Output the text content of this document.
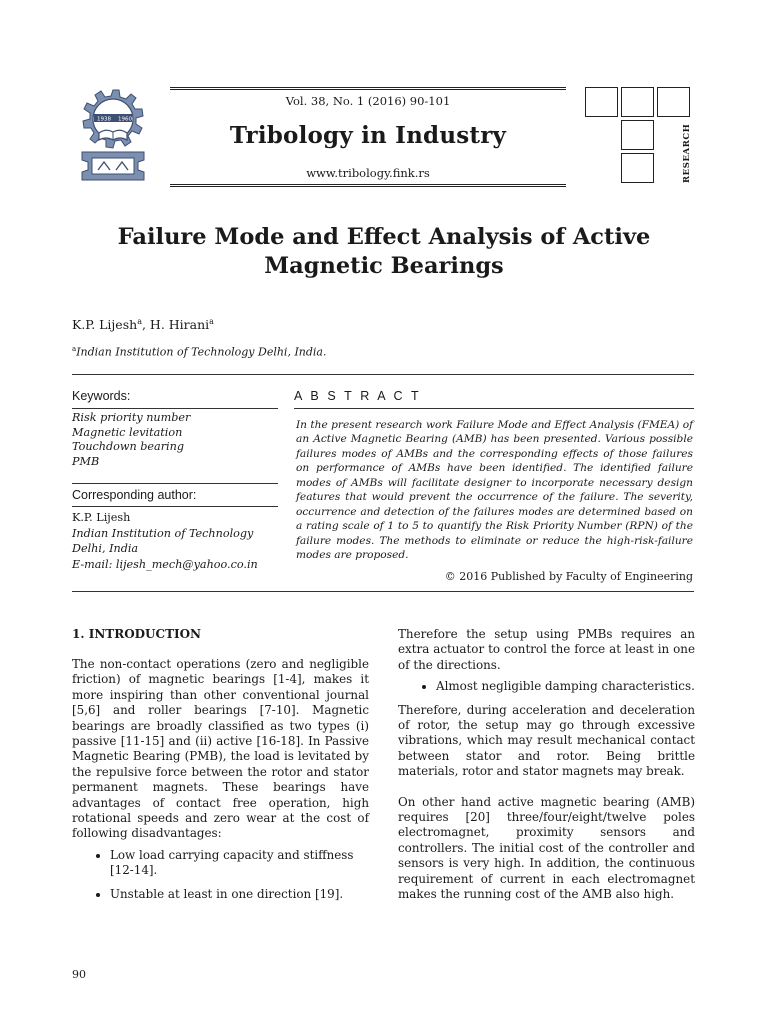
1938 1960
Vol. 38, No. 1 (2016) 90-101
Tribology in Industry
www.tribology.fink.rs	RESEARCH
Failure Mode and Effect Analysis of Active
Magnetic Bearings
K.P. Lijesh$^a$, H. Hirani$^a$
$^a$Indian Institution of Technology Delhi, India.
Keywords:
Risk priority number
Magnetic levitation
Touchdown bearing
PMB
Corresponding author:
K.P. Lijesh
Indian Institution of Technology
Delhi, India
E-mail: lijesh_mech@yahoo.co.in
A B S T R A C T
In the present research work Failure Mode and Effect Analysis (FMEA) of an Active Magnetic Bearing (AMB) has been presented. Various possible failures modes of AMBs and the corresponding effects of those failures on performance of AMBs have been identified. The identified failure modes of AMBs will facilitate designer to incorporate necessary design features that would prevent the occurrence of the failure. The severity, occurrence and detection of the failures modes are determined based on a rating scale of 1 to 5 to quantify the Risk Priority Number (RPN) of the failure modes. The methods to eliminate or reduce the high-risk-failure modes are proposed.
© 2016 Published by Faculty of Engineering
1. INTRODUCTION

The non-contact operations (zero and negligible friction) of magnetic bearings [1-4], makes it more inspiring than other conventional journal [5,6] and roller bearings [7-10]. Magnetic bearings are broadly classified as two types (i) passive [11-15] and (ii) active [16-18]. In Passive Magnetic Bearing (PMB), the load is levitated by the repulsive force between the rotor and stator permanent magnets. These bearings have advantages of contact free operation, high rotational speeds and zero wear at the cost of following disadvantages:

• Low load carrying capacity and stiffness [12-14].
• Unstable at least in one direction [19].

Therefore the setup using PMBs requires an extra actuator to control the force at least in one of the directions.

• Almost negligible damping characteristics.

Therefore, during acceleration and deceleration of rotor, the setup may go through excessive vibrations, which may result mechanical contact between stator and rotor. Being brittle materials, rotor and stator magnets may break.

On other hand active magnetic bearing (AMB) requires [20] three/four/eight/twelve poles electromagnet, proximity sensors and controllers. The initial cost of the controller and sensors is very high. In addition, the continuous requirement of current in each electromagnet makes the running cost of the AMB also high.

90
